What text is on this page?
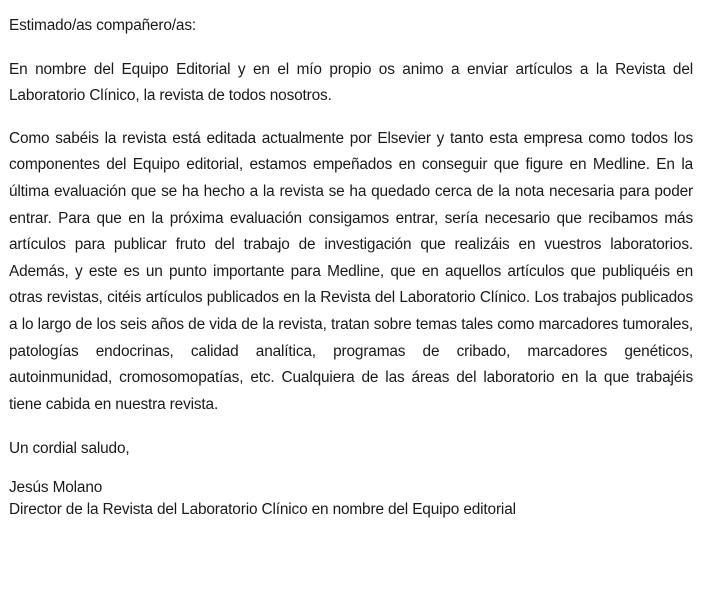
Estimado/as compañero/as:

En nombre del Equipo Editorial y en el mío propio os animo a enviar artículos a la Revista del Laboratorio Clínico, la revista de todos nosotros.

Como sabéis la revista está editada actualmente por Elsevier y tanto esta empresa como todos los componentes del Equipo editorial, estamos empeñados en conseguir que figure en Medline. En la última evaluación que se ha hecho a la revista se ha quedado cerca de la nota necesaria para poder entrar. Para que en la próxima evaluación consigamos entrar, sería necesario que recibamos más artículos para publicar fruto del trabajo de investigación que realizáis en vuestros laboratorios. Además, y este es un punto importante para Medline, que en aquellos artículos que publiquéis en otras revistas, citéis artículos publicados en la Revista del Laboratorio Clínico. Los trabajos publicados a lo largo de los seis años de vida de la revista, tratan sobre temas tales como marcadores tumorales, patologías endocrinas, calidad analítica, programas de cribado, marcadores genéticos, autoinmunidad, cromosomopatías, etc. Cualquiera de las áreas del laboratorio en la que trabajéis tiene cabida en nuestra revista.

Un cordial saludo,

Jesús Molano

Director de la Revista del Laboratorio Clínico en nombre del Equipo editorial
